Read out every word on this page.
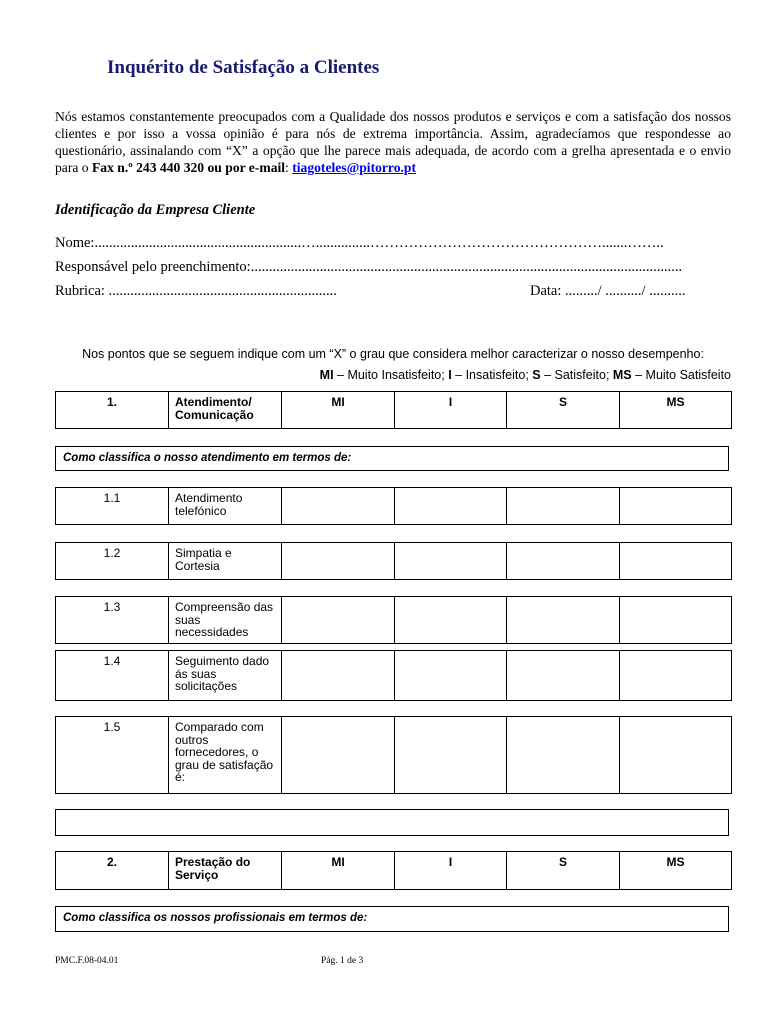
Inquérito de Satisfação a Clientes
Nós estamos constantemente preocupados com a Qualidade dos nossos produtos e serviços e com a satisfação dos nossos clientes e por isso a vossa opinião é para nós de extrema importância. Assim, agradecíamos que respondesse ao questionário, assinalando com “X” a opção que lhe parece mais adequada, de acordo com a grelha apresentada e o envio para o Fax n.º 243 440 320 ou por e-mail: tiagoteles@pitorro.pt
Identificação da Empresa Cliente
Nome:.........................................................…...............………………………………………….......……..
Responsável pelo preenchimento:.......................................................................................................................
Rubrica: ...............................................................	Data: ........./ ........../ ..........
Nos pontos que se seguem indique com um “X” o grau que considera melhor caracterizar o nosso desempenho:
MI – Muito Insatisfeito; I – Insatisfeito; S – Satisfeito; MS – Muito Satisfeito
1.	Atendimento/ Comunicação	MI	I	S	MS
Como classifica o nosso atendimento em termos de:
1.1	Atendimento telefónico				
1.2	Simpatia e Cortesia				
1.3	Compreensão das suas necessidades				
1.4	Seguimento dado ás suas solicitações				
1.5	Comparado com outros fornecedores, o grau de satisfação é:				
2.	Prestação do Serviço	MI	I	S	MS
Como classifica os nossos profissionais em termos de:
PMC.F.08-04.01	Pág. 1 de 3
